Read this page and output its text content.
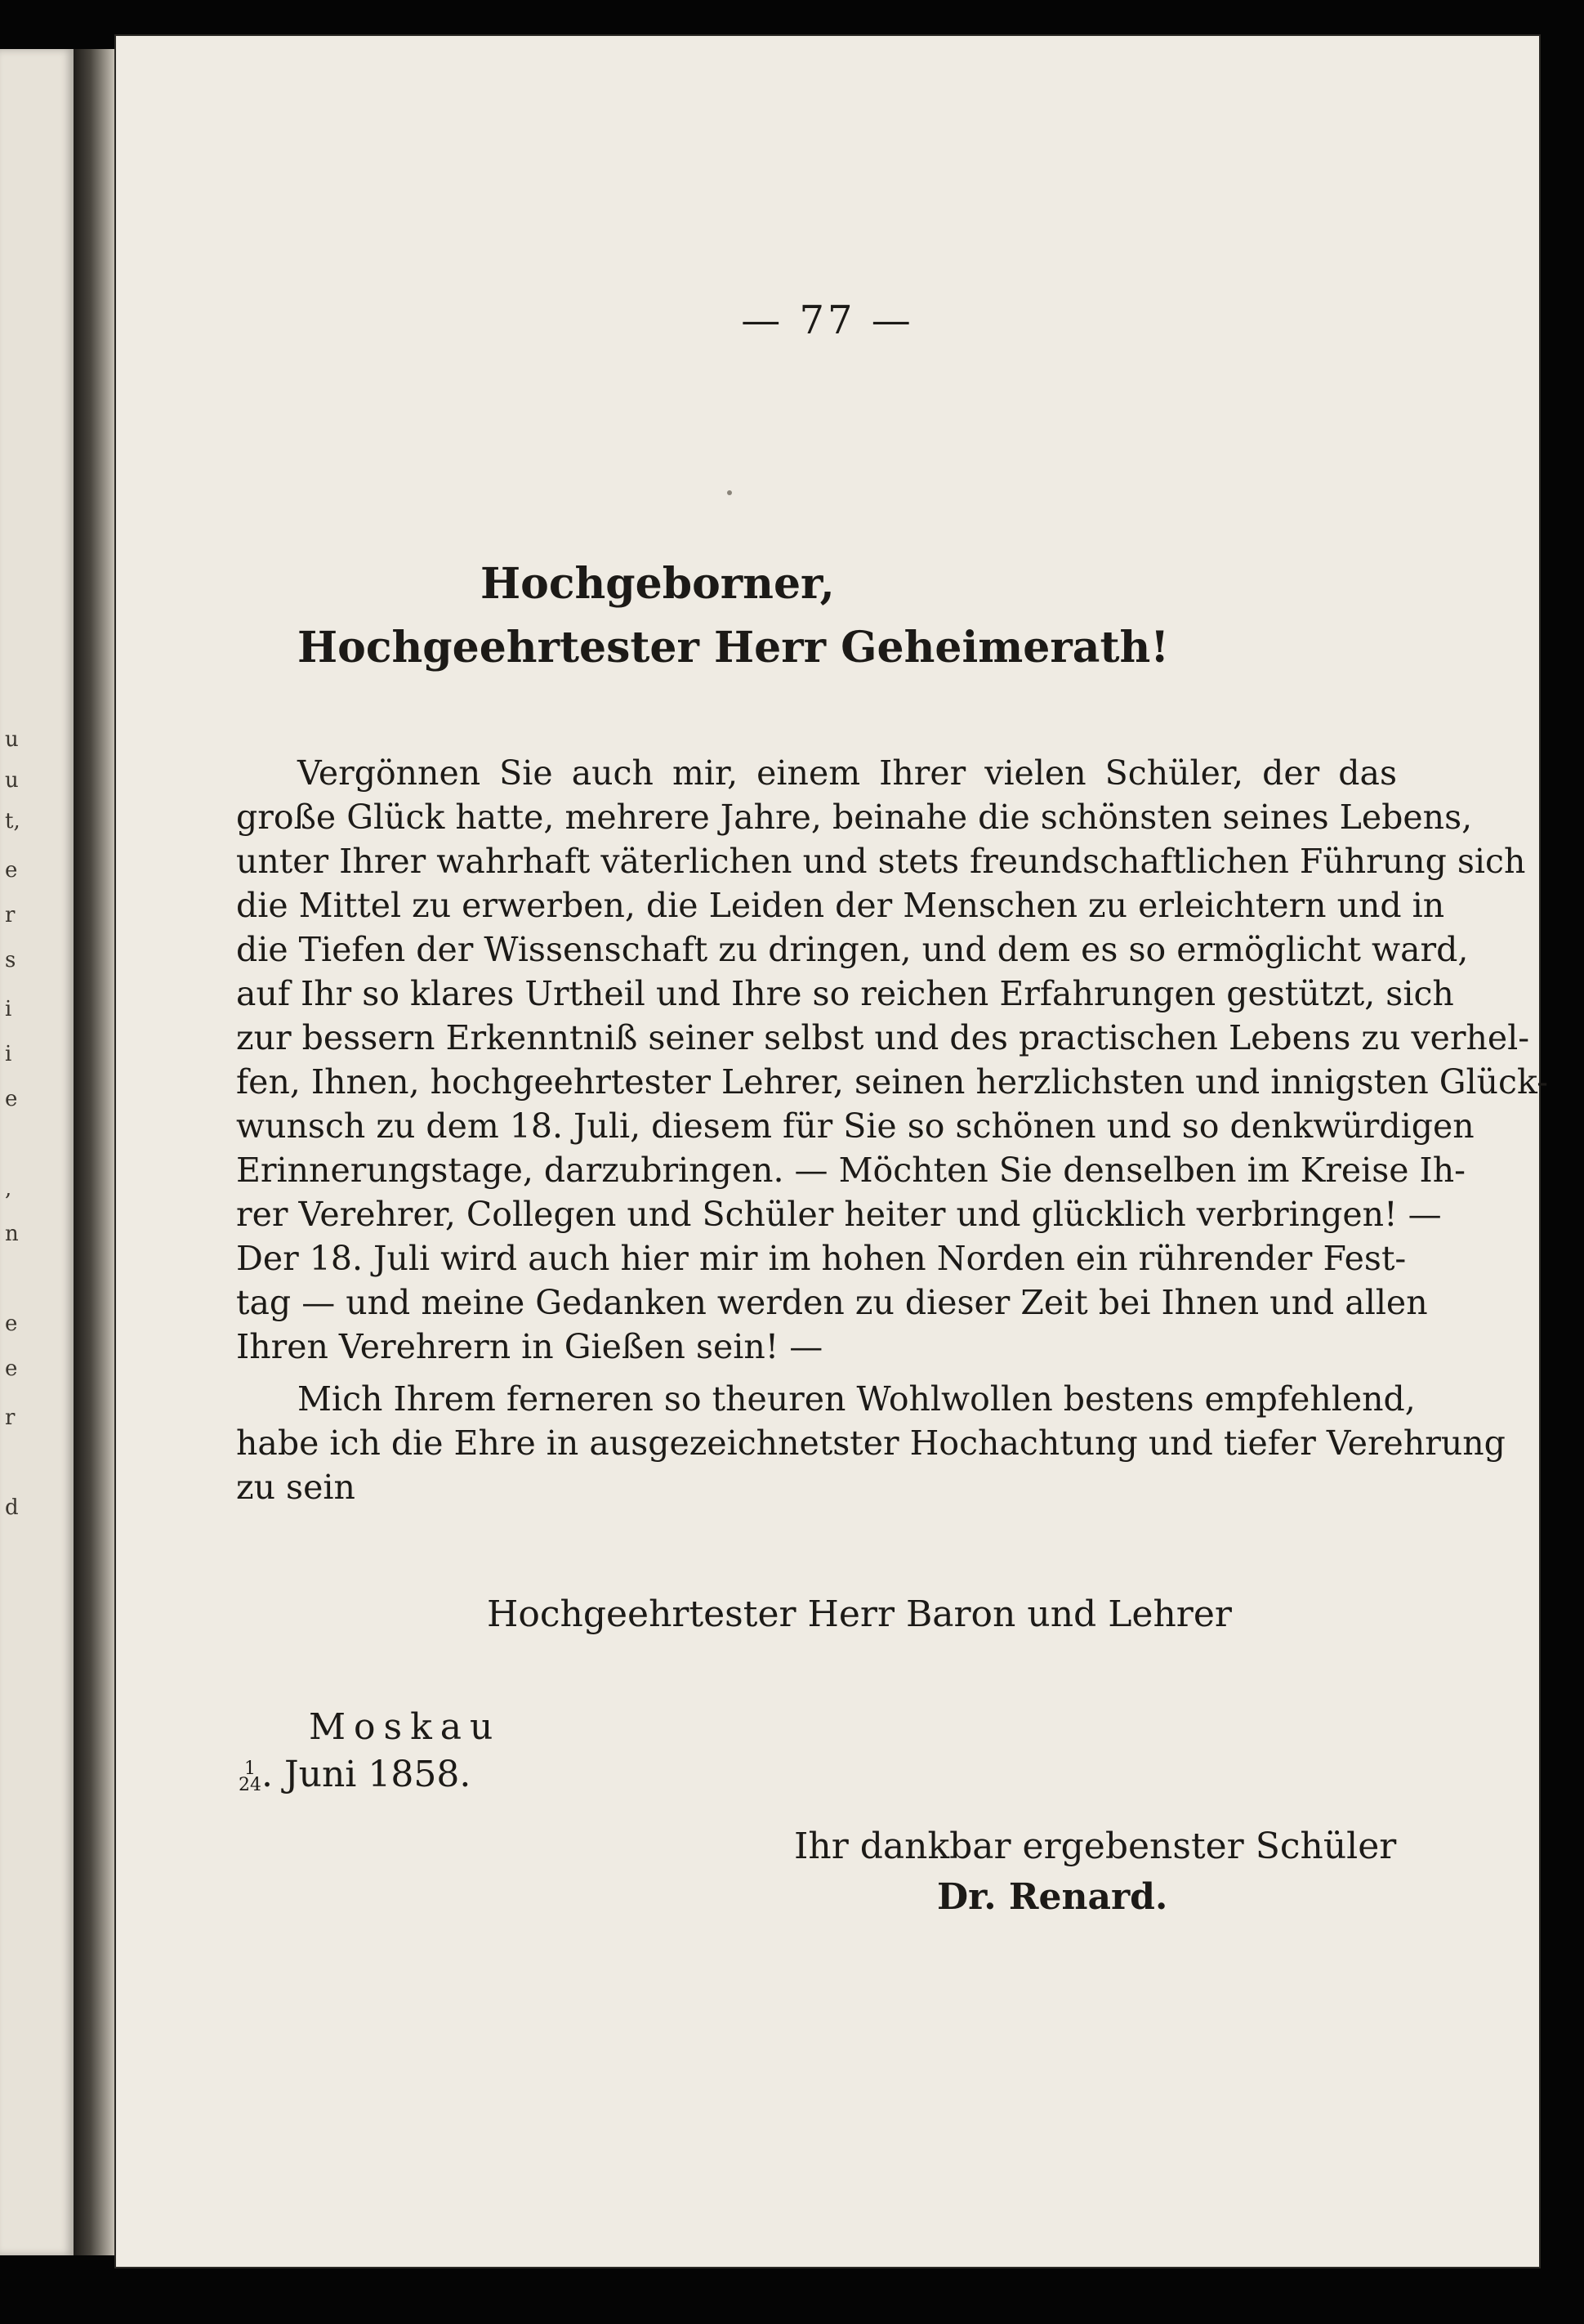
u
u
t,
e
r
s
i
i
e
,
n
e
e
r
d
— 77 —
Hochgeborner,
Hochgeehrtester Herr Geheimerath!
Vergönnen Sie auch mir, einem Ihrer vielen Schüler, der das
große Glück hatte, mehrere Jahre, beinahe die schönsten seines Lebens,
unter Ihrer wahrhaft väterlichen und stets freundschaftlichen Führung sich
die Mittel zu erwerben, die Leiden der Menschen zu erleichtern und in
die Tiefen der Wissenschaft zu dringen, und dem es so ermöglicht ward,
auf Ihr so klares Urtheil und Ihre so reichen Erfahrungen gestützt, sich
zur bessern Erkenntniß seiner selbst und des practischen Lebens zu verhel-
fen, Ihnen, hochgeehrtester Lehrer, seinen herzlichsten und innigsten Glück-
wunsch zu dem 18. Juli, diesem für Sie so schönen und so denkwürdigen
Erinnerungstage, darzubringen. — Möchten Sie denselben im Kreise Ih-
rer Verehrer, Collegen und Schüler heiter und glücklich verbringen! —
Der 18. Juli wird auch hier mir im hohen Norden ein rührender Fest-
tag — und meine Gedanken werden zu dieser Zeit bei Ihnen und allen
Ihren Verehrern in Gießen sein! —
Mich Ihrem ferneren so theuren Wohlwollen bestens empfehlend,
habe ich die Ehre in ausgezeichnetster Hochachtung und tiefer Verehrung
zu sein
Hochgeehrtester Herr Baron und Lehrer
Moskau
1
24. Juni 1858.
Ihr dankbar ergebenster Schüler
Dr. Renard.
